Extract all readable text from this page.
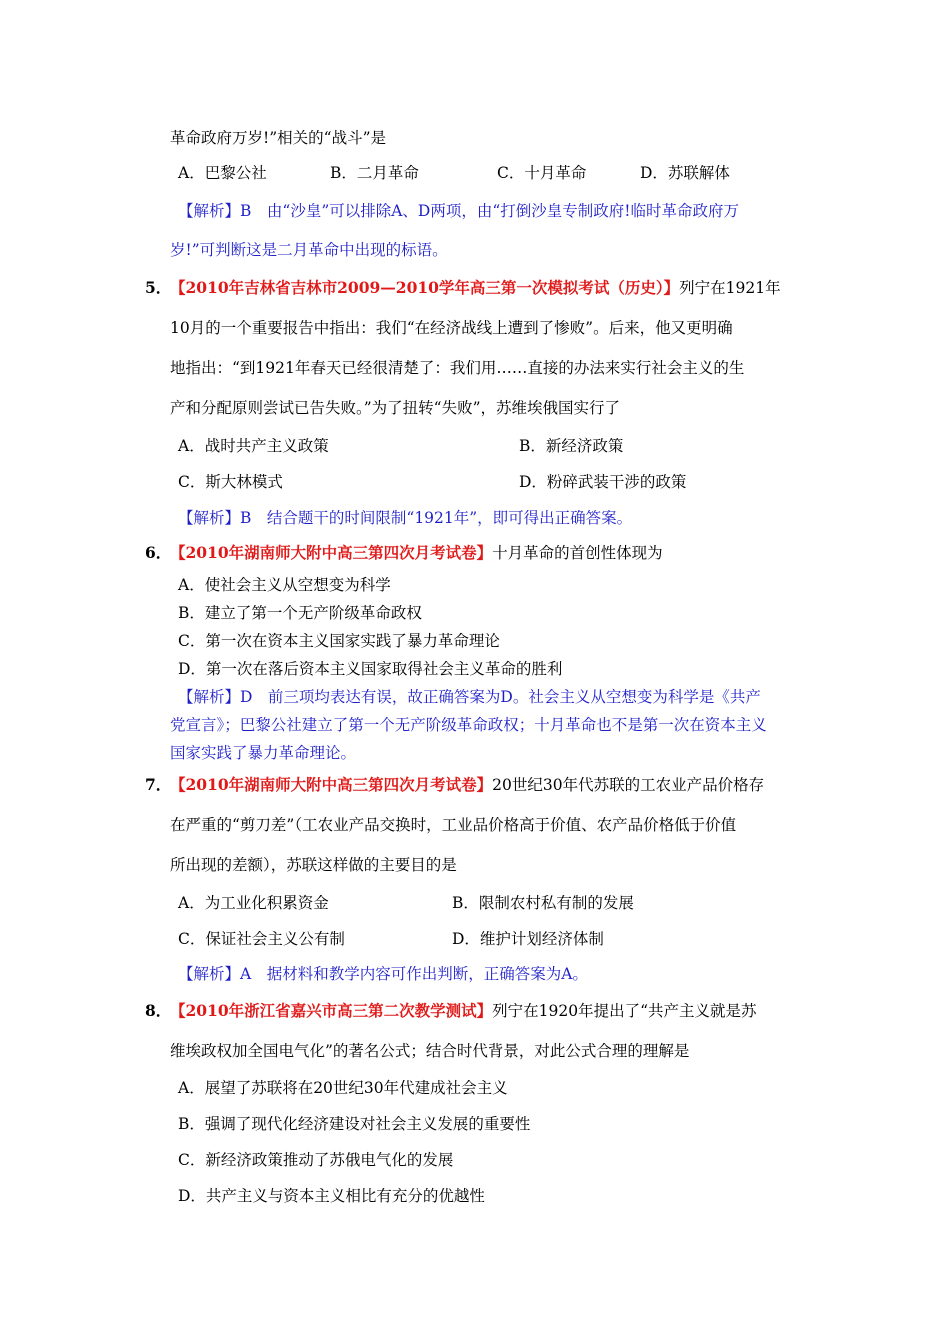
革命政府万岁!”相关的“战斗”是
A．巴黎公社	B．二月革命	C．十月革命	D．苏联解体
【解析】B　由“沙皇”可以排除A、D两项，由“打倒沙皇专制政府!临时革命政府万
岁!”可判断这是二月革命中出现的标语。
5．
【2010年吉林省吉林市2009—2010学年高三第一次模拟考试（历史）】列宁在1921年
10月的一个重要报告中指出：我们“在经济战线上遭到了惨败”。后来，他又更明确
地指出：“到1921年春天已经很清楚了：我们用……直接的办法来实行社会主义的生
产和分配原则尝试已告失败。”为了扭转“失败”，苏维埃俄国实行了
A．战时共产主义政策	B．新经济政策
C．斯大林模式	D．粉碎武装干涉的政策
【解析】B　结合题干的时间限制“1921年”，即可得出正确答案。
6．
【2010年湖南师大附中高三第四次月考试卷】十月革命的首创性体现为
A．使社会主义从空想变为科学
B．建立了第一个无产阶级革命政权
C．第一次在资本主义国家实践了暴力革命理论
D．第一次在落后资本主义国家取得社会主义革命的胜利
【解析】D　前三项均表达有误，故正确答案为D。社会主义从空想变为科学是《共产
党宣言》；巴黎公社建立了第一个无产阶级革命政权；十月革命也不是第一次在资本主义
国家实践了暴力革命理论。
7．
【2010年湖南师大附中高三第四次月考试卷】20世纪30年代苏联的工农业产品价格存
在严重的“剪刀差”（工农业产品交换时，工业品价格高于价值、农产品价格低于价值
所出现的差额），苏联这样做的主要目的是
A．为工业化积累资金	B．限制农村私有制的发展
C．保证社会主义公有制	D．维护计划经济体制
【解析】A　据材料和教学内容可作出判断，正确答案为A。
8．
【2010年浙江省嘉兴市高三第二次教学测试】列宁在1920年提出了“共产主义就是苏
维埃政权加全国电气化”的著名公式；结合时代背景，对此公式合理的理解是
A．展望了苏联将在20世纪30年代建成社会主义
B．强调了现代化经济建设对社会主义发展的重要性
C．新经济政策推动了苏俄电气化的发展
D．共产主义与资本主义相比有充分的优越性
